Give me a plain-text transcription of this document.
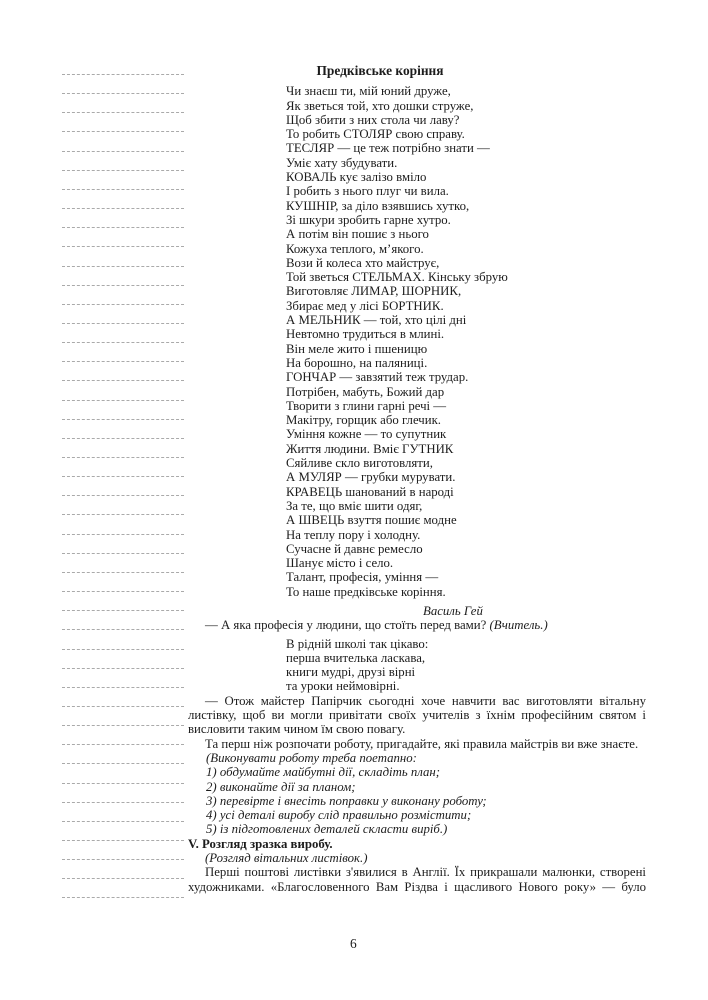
Предківське коріння
Чи знаєш ти, мій юний друже,
Як зветься той, хто дошки струже,
Щоб збити з них стола чи лаву?
То робить СТОЛЯР свою справу.
ТЕСЛЯР — це теж потрібно знати —
Уміє хату збудувати.
КОВАЛЬ кує залізо вміло
І робить з нього плуг чи вила.
КУШНІР, за діло взявшись хутко,
Зі шкури зробить гарне хутро.
А потім він пошиє з нього
Кожуха теплого, м’якого.
Вози й колеса хто майструє,
Той зветься СТЕЛЬМАХ. Кінську збрую
Виготовляє ЛИМАР, ШОРНИК,
Збирає мед у лісі БОРТНИК.
А МЕЛЬНИК — той, хто цілі дні
Невтомно трудиться в млині.
Він меле жито і пшеницю
На борошно, на паляниці.
ГОНЧАР — завзятий теж трудар.
Потрібен, мабуть, Божий дар
Творити з глини гарні речі —
Макітру, горщик або глечик.
Уміння кожне — то супутник
Життя людини. Вміє ГУТНИК
Сяйливе скло виготовляти,
А МУЛЯР — грубки мурувати.
КРАВЕЦЬ шанований в народі
За те, що вміє шити одяг,
А ШВЕЦЬ взуття пошиє модне
На теплу пору і холодну.
Сучасне й давнє ремесло
Шанує місто і село.
Талант, професія, уміння —
То наше предківське коріння.
Василь Гей
— А яка професія у людини, що стоїть перед вами? (Вчитель.)
В рідній школі так цікаво:
перша вчителька ласкава,
книги мудрі, друзі вірні
та уроки неймовірні.
— Отож майстер Папірчик сьогодні хоче навчити вас виготовляти вітальну листівку, щоб ви могли привітати своїх учителів з їхнім професійним святом і висловити таким чином їм свою повагу.
Та перш ніж розпочати роботу, пригадайте, які правила майстрів ви вже знаєте.
(Виконувати роботу треба поетапно:
1) обдумайте майбутні дії, складіть план;
2) виконайте дії за планом;
3) перевірте і внесіть поправки у виконану роботу;
4) усі деталі виробу слід правильно розмістити;
5) із підготовлених деталей скласти виріб.)
V. Розгляд зразка виробу.
(Розгляд вітальних листівок.)
Перші поштові листівки з'явилися в Англії. Їх прикрашали малюнки, створені художниками. «Благословенного Вам Різдва і щасливого Нового року» — було
6
